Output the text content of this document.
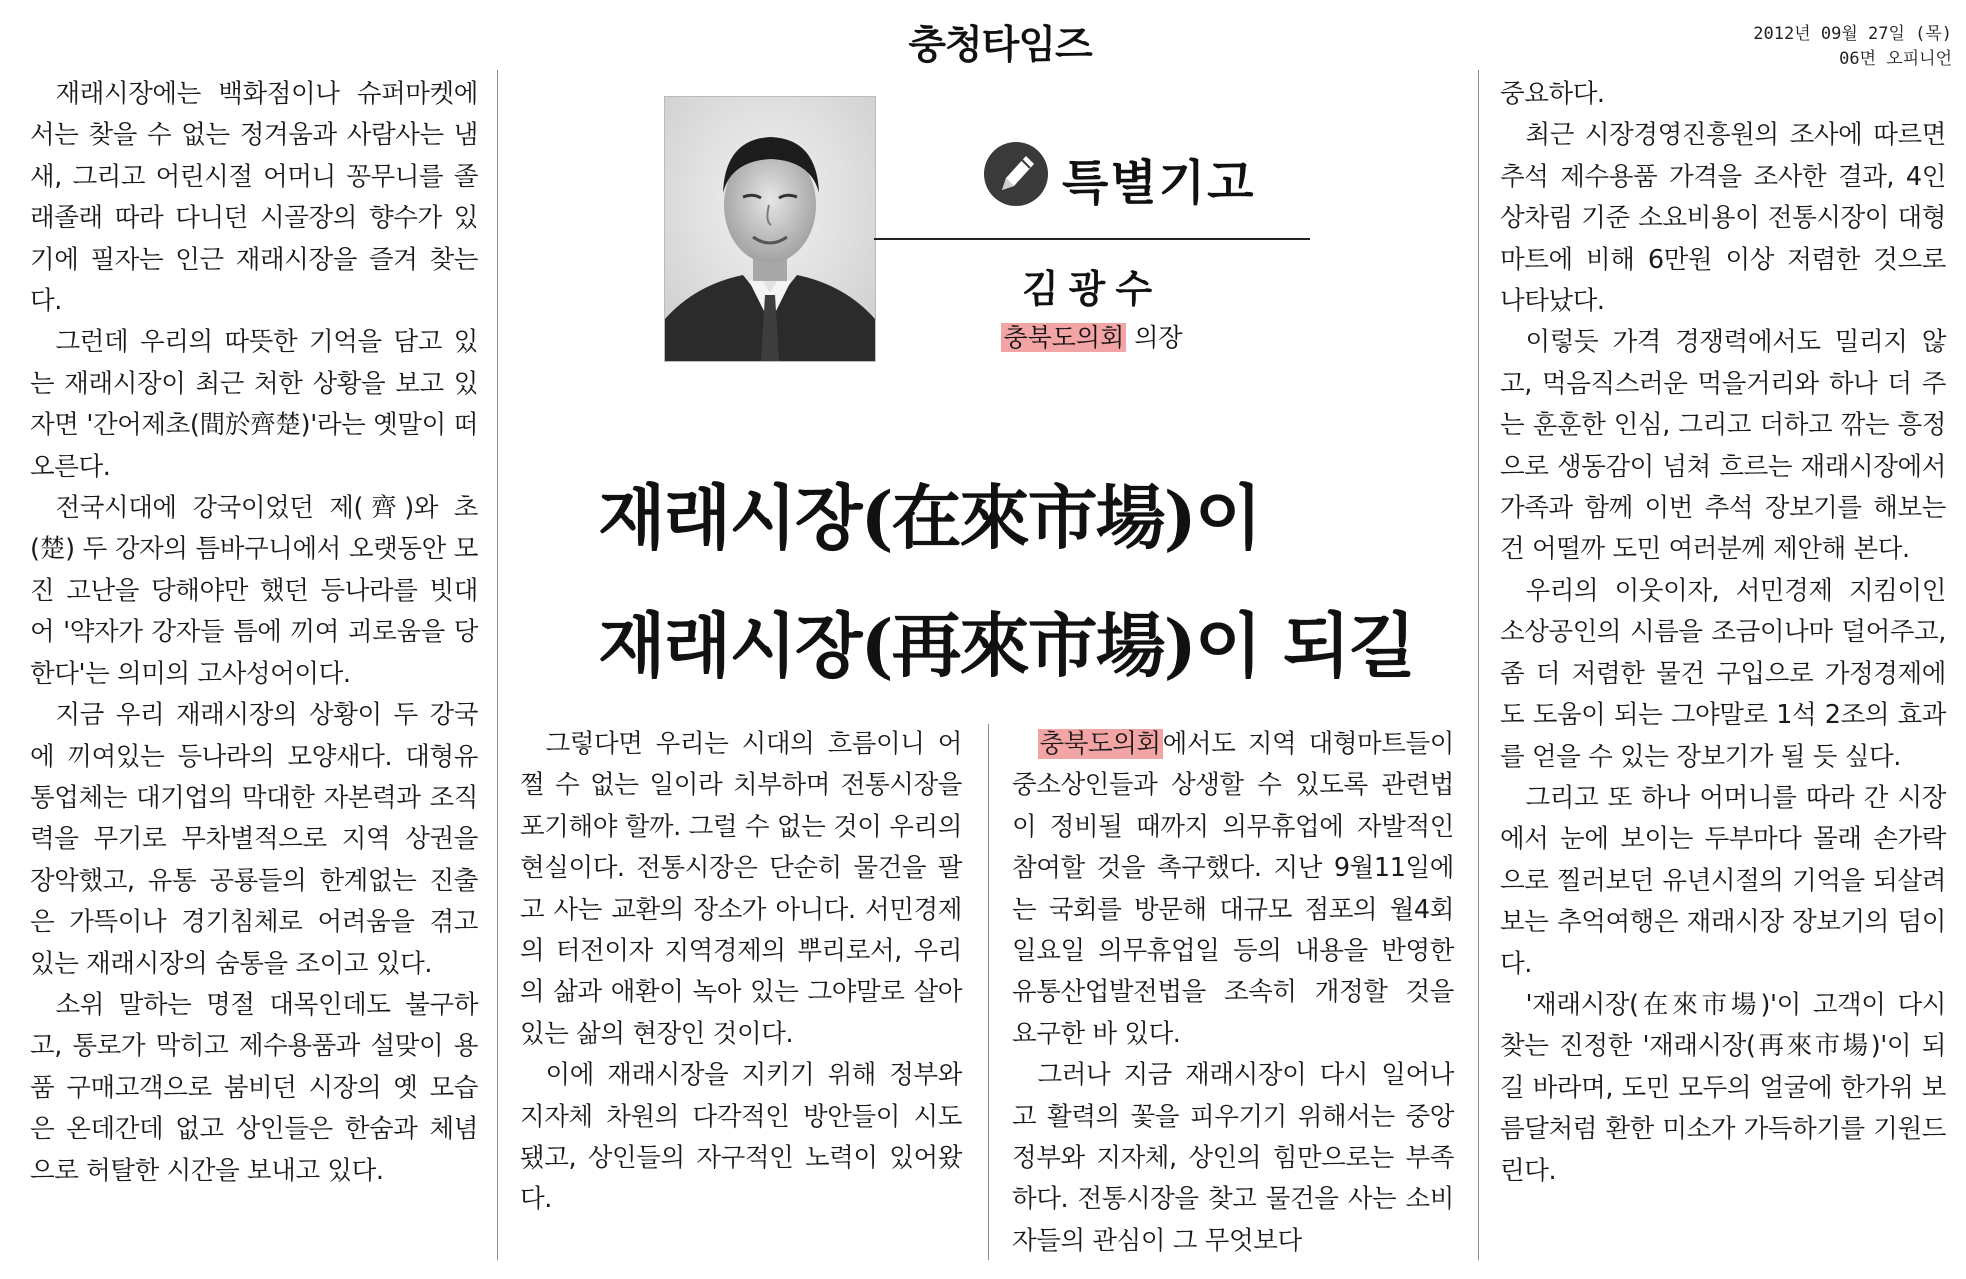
충청타임즈	2012년 09월 27일 (목)
06면 오피니언

재래시장에는 백화점이나 슈퍼마켓에서는 찾을 수 없는 정겨움과 사람사는 냄새, 그리고 어린시절 어머니 꽁무니를 졸래졸래 따라 다니던 시골장의 향수가 있기에 필자는 인근 재래시장을 즐겨 찾는다.

그런데 우리의 따뜻한 기억을 담고 있는 재래시장이 최근 처한 상황을 보고 있자면 '간어제초(間於齊楚)'라는 옛말이 떠오른다.

전국시대에 강국이었던 제(齊)와 초(楚) 두 강자의 틈바구니에서 오랫동안 모진 고난을 당해야만 했던 등나라를 빗대어 '약자가 강자들 틈에 끼여 괴로움을 당한다'는 의미의 고사성어이다.

지금 우리 재래시장의 상황이 두 강국에 끼여있는 등나라의 모양새다. 대형유통업체는 대기업의 막대한 자본력과 조직력을 무기로 무차별적으로 지역 상권을 장악했고, 유통 공룡들의 한계없는 진출은 가뜩이나 경기침체로 어려움을 겪고 있는 재래시장의 숨통을 조이고 있다.

소위 말하는 명절 대목인데도 불구하고, 통로가 막히고 제수용품과 설맞이 용품 구매고객으로 붐비던 시장의 옛 모습은 온데간데 없고 상인들은 한숨과 체념으로 허탈한 시간을 보내고 있다.

특별기고
김광수
충북도의회 의장
재래시장(在來市場)이
재래시장(再來市場)이 되길

그렇다면 우리는 시대의 흐름이니 어쩔 수 없는 일이라 치부하며 전통시장을 포기해야 할까. 그럴 수 없는 것이 우리의 현실이다. 전통시장은 단순히 물건을 팔고 사는 교환의 장소가 아니다. 서민경제의 터전이자 지역경제의 뿌리로서, 우리의 삶과 애환이 녹아 있는 그야말로 살아있는 삶의 현장인 것이다.

이에 재래시장을 지키기 위해 정부와 지자체 차원의 다각적인 방안들이 시도됐고, 상인들의 자구적인 노력이 있어왔다.

충북도의회에서도 지역 대형마트들이 중소상인들과 상생할 수 있도록 관련법이 정비될 때까지 의무휴업에 자발적인 참여할 것을 촉구했다. 지난 9월11일에는 국회를 방문해 대규모 점포의 월4회 일요일 의무휴업일 등의 내용을 반영한 유통산업발전법을 조속히 개정할 것을 요구한 바 있다.

그러나 지금 재래시장이 다시 일어나고 활력의 꽃을 피우기기 위해서는 중앙정부와 지자체, 상인의 힘만으로는 부족하다. 전통시장을 찾고 물건을 사는 소비자들의 관심이 그 무엇보다

중요하다.

최근 시장경영진흥원의 조사에 따르면 추석 제수용품 가격을 조사한 결과, 4인 상차림 기준 소요비용이 전통시장이 대형마트에 비해 6만원 이상 저렴한 것으로 나타났다.

이렇듯 가격 경쟁력에서도 밀리지 않고, 먹음직스러운 먹을거리와 하나 더 주는 훈훈한 인심, 그리고 더하고 깎는 흥정으로 생동감이 넘쳐 흐르는 재래시장에서 가족과 함께 이번 추석 장보기를 해보는 건 어떨까 도민 여러분께 제안해 본다.

우리의 이웃이자, 서민경제 지킴이인 소상공인의 시름을 조금이나마 덜어주고, 좀 더 저렴한 물건 구입으로 가정경제에도 도움이 되는 그야말로 1석 2조의 효과를 얻을 수 있는 장보기가 될 듯 싶다.

그리고 또 하나 어머니를 따라 간 시장에서 눈에 보이는 두부마다 몰래 손가락으로 찔러보던 유년시절의 기억을 되살려보는 추억여행은 재래시장 장보기의 덤이다.

'재래시장(在來市場)'이 고객이 다시 찾는 진정한 '재래시장(再來市場)'이 되길 바라며, 도민 모두의 얼굴에 한가위 보름달처럼 환한 미소가 가득하기를 기원드린다.
